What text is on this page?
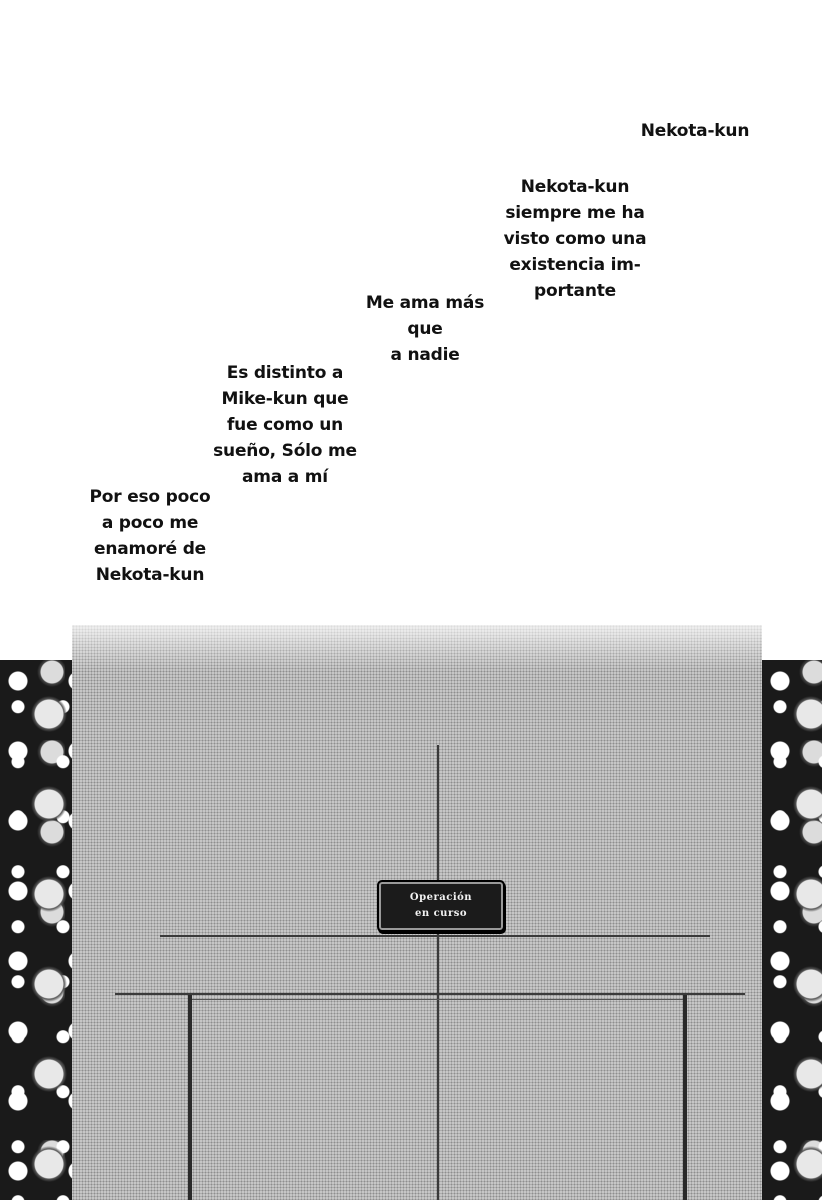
Operación
en curso

Nekota-kun

Nekota-kun
siempre me ha
visto como una
existencia im-
portante

Me ama más
que
a nadie

Es distinto a
Mike-kun que
fue como un
sueño, Sólo me
ama a mí

Por eso poco
a poco me
enamoré de
Nekota-kun
